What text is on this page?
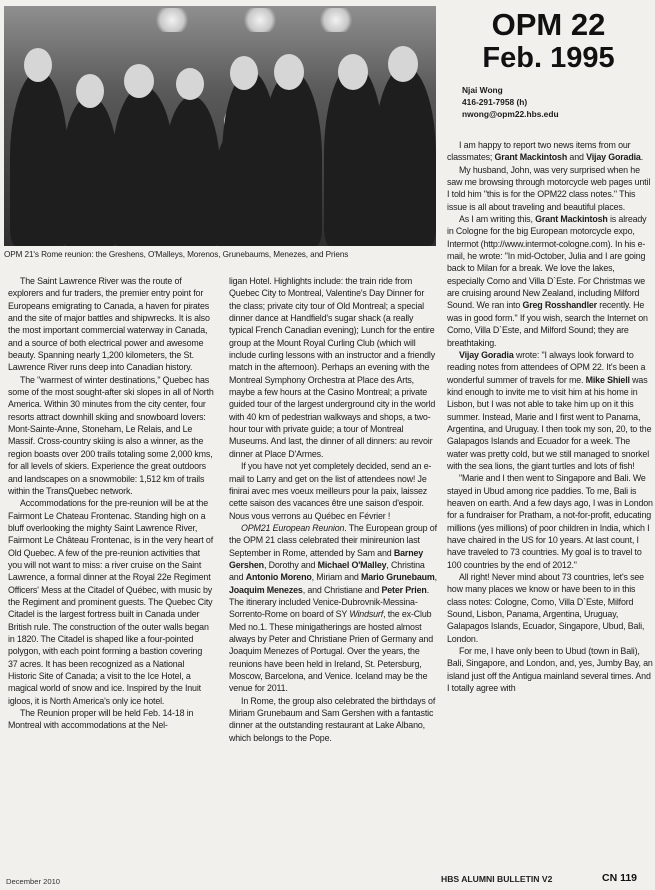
OPM 21's Rome reunion: the Greshens, O'Malleys, Morenos, Grunebaums, Menezes, and Priens

The Saint Lawrence River was the route of explorers and fur traders, the premier entry point for Europeans emigrating to Canada, a haven for pirates and the site of major battles and shipwrecks. It is also the most important commercial waterway in Canada, and a source of both electrical power and awesome beauty. Spanning nearly 1,200 kilometers, the St. Lawrence River runs deep into Canadian history.

The "warmest of winter destinations," Quebec has some of the most sought-after ski slopes in all of North America. Within 30 minutes from the city center, four resorts attract downhill skiing and snowboard lovers: Mont-Sainte-Anne, Stoneham, Le Relais, and Le Massif. Cross-country skiing is also a winner, as the region boasts over 200 trails totaling some 2,000 kms, for all levels of skiers. Experience the great outdoors and landscapes on a snowmobile: 1,512 km of trails within the TransQuebec network.

Accommodations for the pre-reunion will be at the Fairmont Le Chateau Frontenac. Standing high on a bluff overlooking the mighty Saint Lawrence River, Fairmont Le Château Frontenac, is in the very heart of Old Quebec. A few of the pre-reunion activities that you will not want to miss: a river cruise on the Saint Lawrence, a formal dinner at the Royal 22e Regiment Officers' Mess at the Citadel of Québec, with music by the Regiment and prominent guests. The Quebec City Citadel is the largest fortress built in Canada under British rule. The construction of the outer walls began in 1820. The Citadel is shaped like a four-pointed polygon, with each point forming a bastion covering 37 acres. It has been recognized as a National Historic Site of Canada; a visit to the Ice Hotel, a magical world of snow and ice. Inspired by the Inuit igloos, it is North America's only ice hotel.

The Reunion proper will be held Feb. 14-18 in Montreal with accommodations at the Nel-

ligan Hotel. Highlights include: the train ride from Quebec City to Montreal, Valentine's Day Dinner for the class; private city tour of Old Montreal; a special dinner dance at Handfield's sugar shack (a really typical French Canadian evening); Lunch for the entire group at the Mount Royal Curling Club (which will include curling lessons with an instructor and a friendly match in the afternoon). Perhaps an evening with the Montreal Symphony Orchestra at Place des Arts, maybe a few hours at the Casino Montreal; a private guided tour of the largest underground city in the world with 40 km of pedestrian walkways and shops, a two-hour tour with private guide; a tour of Montreal Museums. And last, the dinner of all dinners: au revoir dinner at Place D'Armes.

If you have not yet completely decided, send an e-mail to Larry and get on the list of attendees now! Je finirai avec mes voeux meilleurs pour la paix, laissez cette saison des vacances être une saison d'espoir. Nous vous verrons au Québec en Février !

OPM21 European Reunion. The European group of the OPM 21 class celebrated their minireunion last September in Rome, attended by Sam and Barney Gershen, Dorothy and Michael O'Malley, Christina and Antonio Moreno, Miriam and Mario Grunebaum, Joaquim Menezes, and Christiane and Peter Prien. The itinerary included Venice-Dubrovnik-Messina-Sorrento-Rome on board of SY Windsurf, the ex-Club Med no.1. These minigatherings are hosted almost always by Peter and Christiane Prien of Germany and Joaquim Menezes of Portugal. Over the years, the reunions have been held in Ireland, St. Petersburg, Moscow, Barcelona, and Venice. Iceland may be the venue for 2011.

In Rome, the group also celebrated the birthdays of Miriam Grunebaum and Sam Gershen with a fantastic dinner at the outstanding restaurant at Lake Albano, which belongs to the Pope.

OPM 22
Feb. 1995
Njai Wong
416-291-7958 (h)
nwong@opm22.hbs.edu

I am happy to report two news items from our classmates; Grant Mackintosh and Vijay Goradia.

My husband, John, was very surprised when he saw me browsing through motorcycle web pages until I told him "this is for the OPM22 class notes." This issue is all about traveling and beautiful places.

As I am writing this, Grant Mackintosh is already in Cologne for the big European motorcycle expo, Intermot (http://www.intermot-cologne.com). In his e-mail, he wrote: "In mid-October, Julia and I are going back to Milan for a break. We love the lakes, especially Como and Villa D`Este. For Christmas we are cruising around New Zealand, including Milford Sound. We ran into Greg Rosshandler recently. He was in good form." If you wish, search the Internet on Como, Villa D`Este, and Milford Sound; they are breathtaking.

Vijay Goradia wrote: "I always look forward to reading notes from attendees of OPM 22. It's been a wonderful summer of travels for me. Mike Shiell was kind enough to invite me to visit him at his home in Lisbon, but I was not able to take him up on it this summer. Instead, Marie and I first went to Panama, Argentina, and Uruguay. I then took my son, 20, to the Galapagos Islands and Ecuador for a week. The water was pretty cold, but we still managed to snorkel with the sea lions, the giant turtles and lots of fish!

"Marie and I then went to Singapore and Bali. We stayed in Ubud among rice paddies. To me, Bali is heaven on earth. And a few days ago, I was in London for a fundraiser for Pratham, a not-for-profit, educating millions (yes millions) of poor children in India, which I have chaired in the US for 10 years. At last count, I have traveled to 73 countries. My goal is to travel to 100 countries by the end of 2012."

All right! Never mind about 73 countries, let's see how many places we know or have been to in this class notes: Cologne, Como, Villa D`Este, Milford Sound, Lisbon, Panama, Argentina, Uruguay, Galapagos Islands, Ecuador, Singapore, Ubud, Bali, London.

For me, I have only been to Ubud (town in Bali), Bali, Singapore, and London, and, yes, Jumby Bay, an island just off the Antigua mainland several times. And I totally agree with

December 2010	HBS ALUMNI BULLETIN V2	CN 119
